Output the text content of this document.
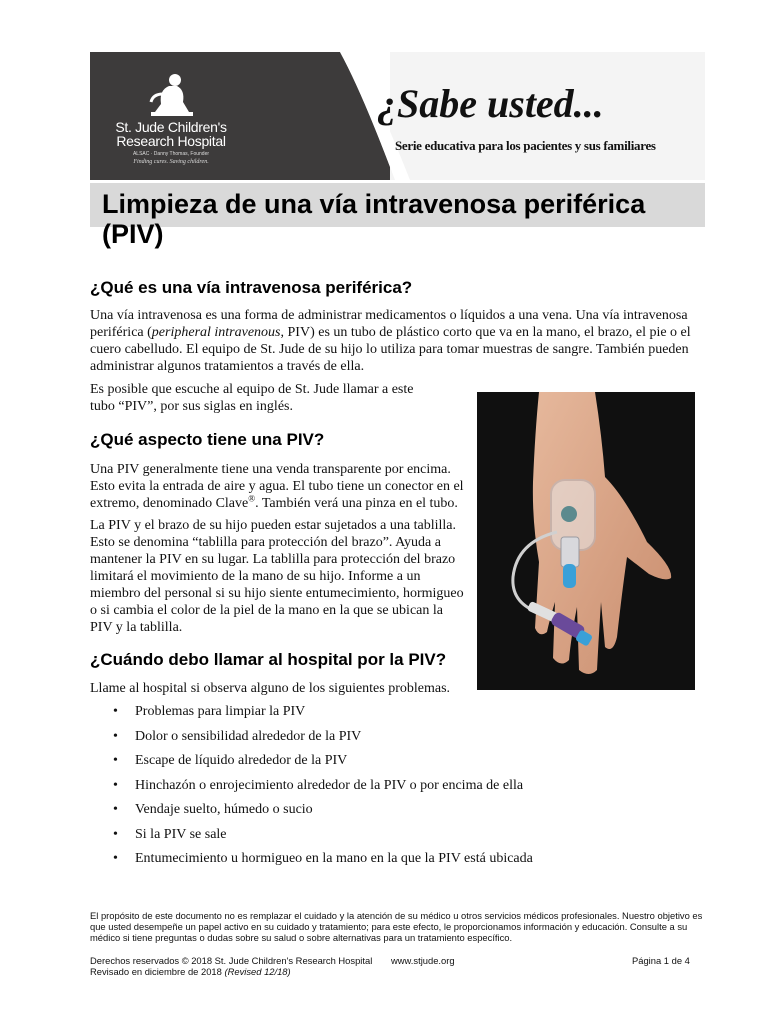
St. Jude Children's
Research Hospital
ALSAC · Danny Thomas, Founder
Finding cures. Saving children.
¿Sabe usted...
Serie educativa para los pacientes y sus familiares
Limpieza de una vía intravenosa periférica (PIV)
¿Qué es una vía intravenosa periférica?

Una vía intravenosa es una forma de administrar medicamentos o líquidos a una vena. Una vía intravenosa periférica (peripheral intravenous, PIV) es un tubo de plástico corto que va en la mano, el brazo, el pie o el cuero cabelludo. El equipo de St. Jude de su hijo lo utiliza para tomar muestras de sangre. También pueden administrar algunos tratamientos a través de ella.

Es posible que escuche al equipo de St. Jude llamar a este tubo “PIV”, por sus siglas en inglés.

¿Qué aspecto tiene una PIV?

Una PIV generalmente tiene una venda transparente por encima. Esto evita la entrada de aire y agua. El tubo tiene un conector en el extremo, denominado Clave®. También verá una pinza en el tubo.

La PIV y el brazo de su hijo pueden estar sujetados a una tablilla. Esto se denomina “tablilla para protección del brazo”. Ayuda a mantener la PIV en su lugar. La tablilla para protección del brazo limitará el movimiento de la mano de su hijo. Informe a un miembro del personal si su hijo siente entumecimiento, hormigueo o si cambia el color de la piel de la mano en la que se ubican la PIV y la tablilla.

¿Cuándo debo llamar al hospital por la PIV?

Llame al hospital si observa alguno de los siguientes problemas.

• Problemas para limpiar la PIV
• Dolor o sensibilidad alrededor de la PIV
• Escape de líquido alrededor de la PIV
• Hinchazón o enrojecimiento alrededor de la PIV o por encima de ella
• Vendaje suelto, húmedo o sucio
• Si la PIV se sale
• Entumecimiento u hormigueo en la mano en la que la PIV está ubicada

El propósito de este documento no es remplazar el cuidado y la atención de su médico u otros servicios médicos profesionales. Nuestro objetivo es que usted desempeñe un papel activo en su cuidado y tratamiento; para este efecto, le proporcionamos información y educación. Consulte a su médico si tiene preguntas o dudas sobre su salud o sobre alternativas para un tratamiento específico.

Derechos reservados © 2018 St. Jude Children's Research Hospital www.stjude.org	Página 1 de 4
Revisado en diciembre de 2018 (Revised 12/18)
